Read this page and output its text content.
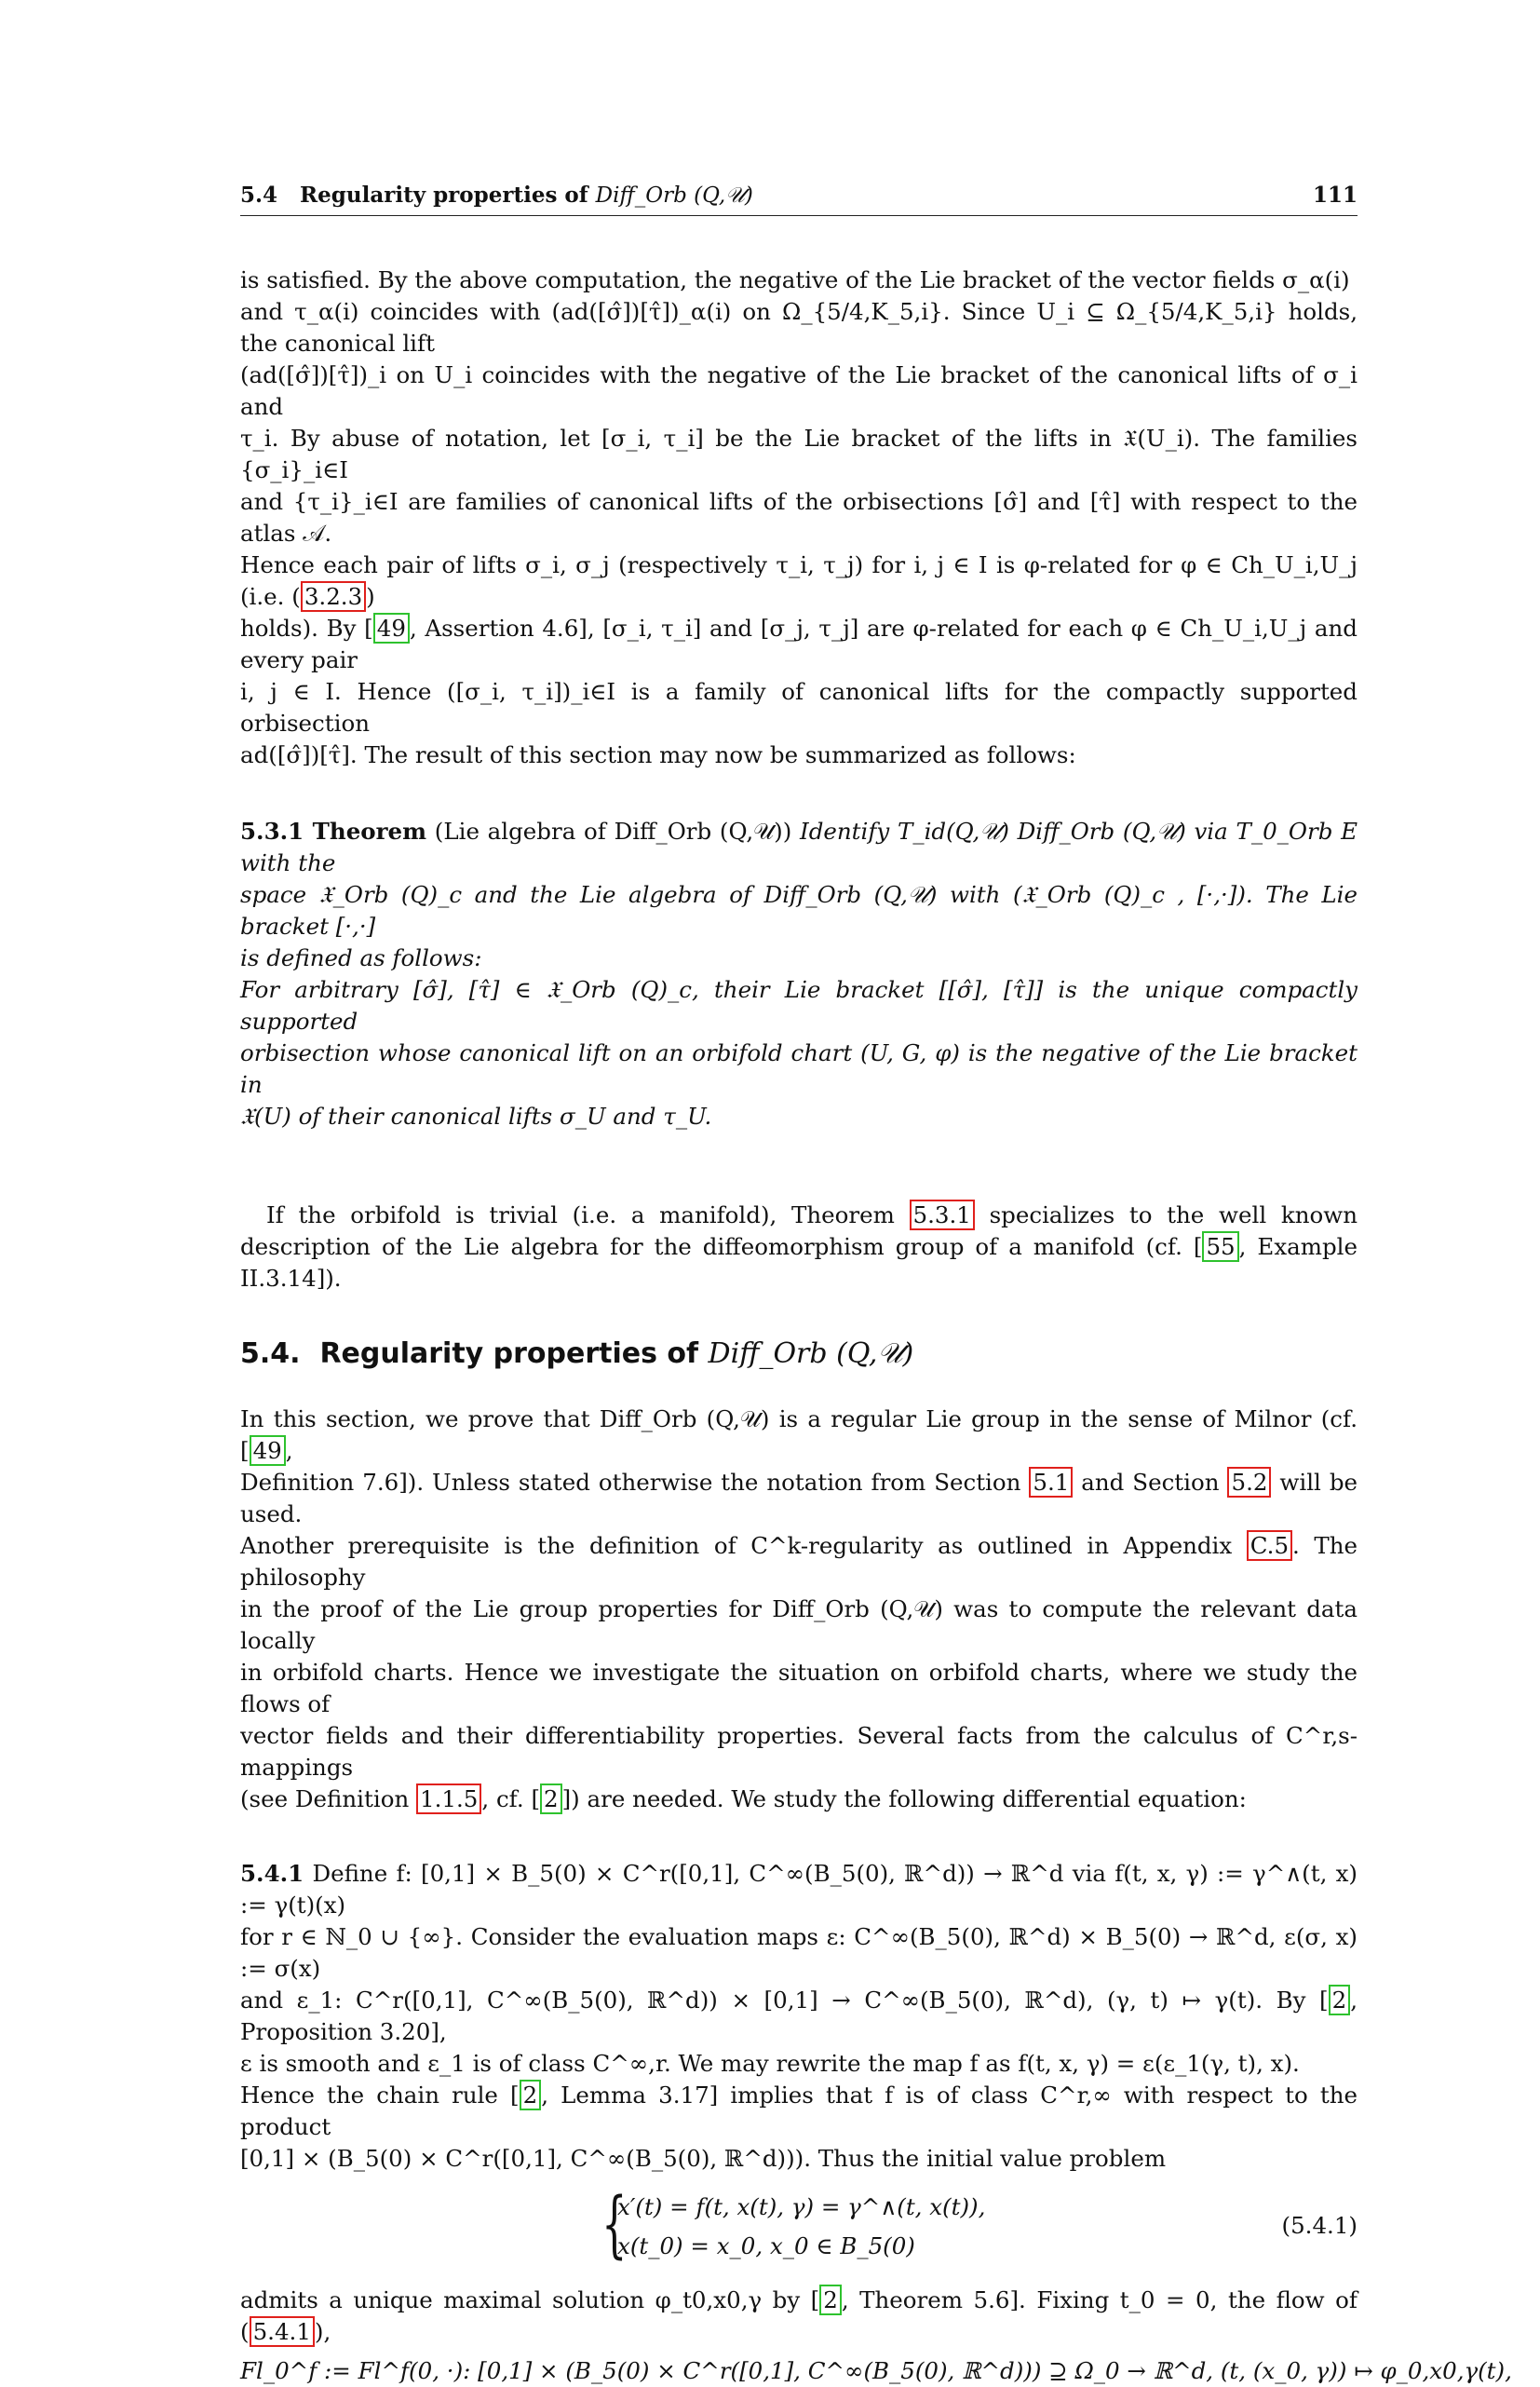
5.4 Regularity properties of Diff_Orb (Q,𝒰)	111
is satisfied. By the above computation, the negative of the Lie bracket of the vector fields σ_α(i)
and τ_α(i) coincides with (ad([σ̂])[τ̂])_α(i) on Ω_{5/4,K_5,i}. Since U_i ⊆ Ω_{5/4,K_5,i} holds, the canonical lift
(ad([σ̂])[τ̂])_i on U_i coincides with the negative of the Lie bracket of the canonical lifts of σ_i and
τ_i. By abuse of notation, let [σ_i, τ_i] be the Lie bracket of the lifts in 𝔛(U_i). The families {σ_i}_i∈I
and {τ_i}_i∈I are families of canonical lifts of the orbisections [σ̂] and [τ̂] with respect to the atlas 𝒜.
Hence each pair of lifts σ_i, σ_j (respectively τ_i, τ_j) for i, j ∈ I is φ-related for φ ∈ Ch_U_i,U_j (i.e. ( 3.2.3 )
holds). By [ 49 , Assertion 4.6], [σ_i, τ_i] and [σ_j, τ_j] are φ-related for each φ ∈ Ch_U_i,U_j and every pair
i, j ∈ I. Hence ([σ_i, τ_i])_i∈I is a family of canonical lifts for the compactly supported orbisection
ad([σ̂])[τ̂]. The result of this section may now be summarized as follows:
5.3.1 Theorem (Lie algebra of Diff_Orb (Q,𝒰)) Identify T_id(Q,𝒰) Diff_Orb (Q,𝒰) via T_0_Orb E with the
space 𝔛_Orb (Q)_c and the Lie algebra of Diff_Orb (Q,𝒰) with (𝔛_Orb (Q)_c , [·,·]). The Lie bracket [·,·]
is defined as follows:
For arbitrary [σ̂], [τ̂] ∈ 𝔛_Orb (Q)_c, their Lie bracket [[σ̂], [τ̂]] is the unique compactly supported
orbisection whose canonical lift on an orbifold chart (U, G, φ) is the negative of the Lie bracket in
𝔛(U) of their canonical lifts σ_U and τ_U.
If the orbifold is trivial (i.e. a manifold), Theorem 5.3.1 specializes to the well known description of the Lie algebra for the diffeomorphism group of a manifold (cf. [ 55 , Example II.3.14]).
5.4. Regularity properties of Diff_Orb (Q,𝒰)
In this section, we prove that Diff_Orb (Q,𝒰) is a regular Lie group in the sense of Milnor (cf. [ 49 ,
Definition 7.6]). Unless stated otherwise the notation from Section 5.1 and Section 5.2 will be used.
Another prerequisite is the definition of C^k-regularity as outlined in Appendix C.5 . The philosophy
in the proof of the Lie group properties for Diff_Orb (Q,𝒰) was to compute the relevant data locally
in orbifold charts. Hence we investigate the situation on orbifold charts, where we study the flows of
vector fields and their differentiability properties. Several facts from the calculus of C^r,s-mappings
(see Definition 1.1.5 , cf. [ 2 ]) are needed. We study the following differential equation:
5.4.1 Define f: [0,1] × B_5(0) × C^r([0,1], C^∞(B_5(0), ℝ^d)) → ℝ^d via f(t, x, γ) := γ^∧(t, x) := γ(t)(x)
for r ∈ ℕ_0 ∪ {∞}. Consider the evaluation maps ε: C^∞(B_5(0), ℝ^d) × B_5(0) → ℝ^d, ε(σ, x) := σ(x)
and ε_1: C^r([0,1], C^∞(B_5(0), ℝ^d)) × [0,1] → C^∞(B_5(0), ℝ^d), (γ, t) ↦ γ(t). By [ 2 , Proposition 3.20],
ε is smooth and ε_1 is of class C^∞,r. We may rewrite the map f as f(t, x, γ) = ε(ε_1(γ, t), x).
Hence the chain rule [ 2 , Lemma 3.17] implies that f is of class C^r,∞ with respect to the product
[0,1] × (B_5(0) × C^r([0,1], C^∞(B_5(0), ℝ^d))). Thus the initial value problem
{
x′(t) = f(t, x(t), γ) = γ^∧(t, x(t)),
x(t_0) = x_0, x_0 ∈ B_5(0)
(5.4.1)
admits a unique maximal solution φ_t0,x0,γ by [ 2 , Theorem 5.6]. Fixing t_0 = 0, the flow of ( 5.4.1 ),
Fl_0^f := Fl^f(0, ·): [0,1] × (B_5(0) × C^r([0,1], C^∞(B_5(0), ℝ^d))) ⊇ Ω_0 → ℝ^d, (t, (x_0, γ)) ↦ φ_0,x0,γ(t),
